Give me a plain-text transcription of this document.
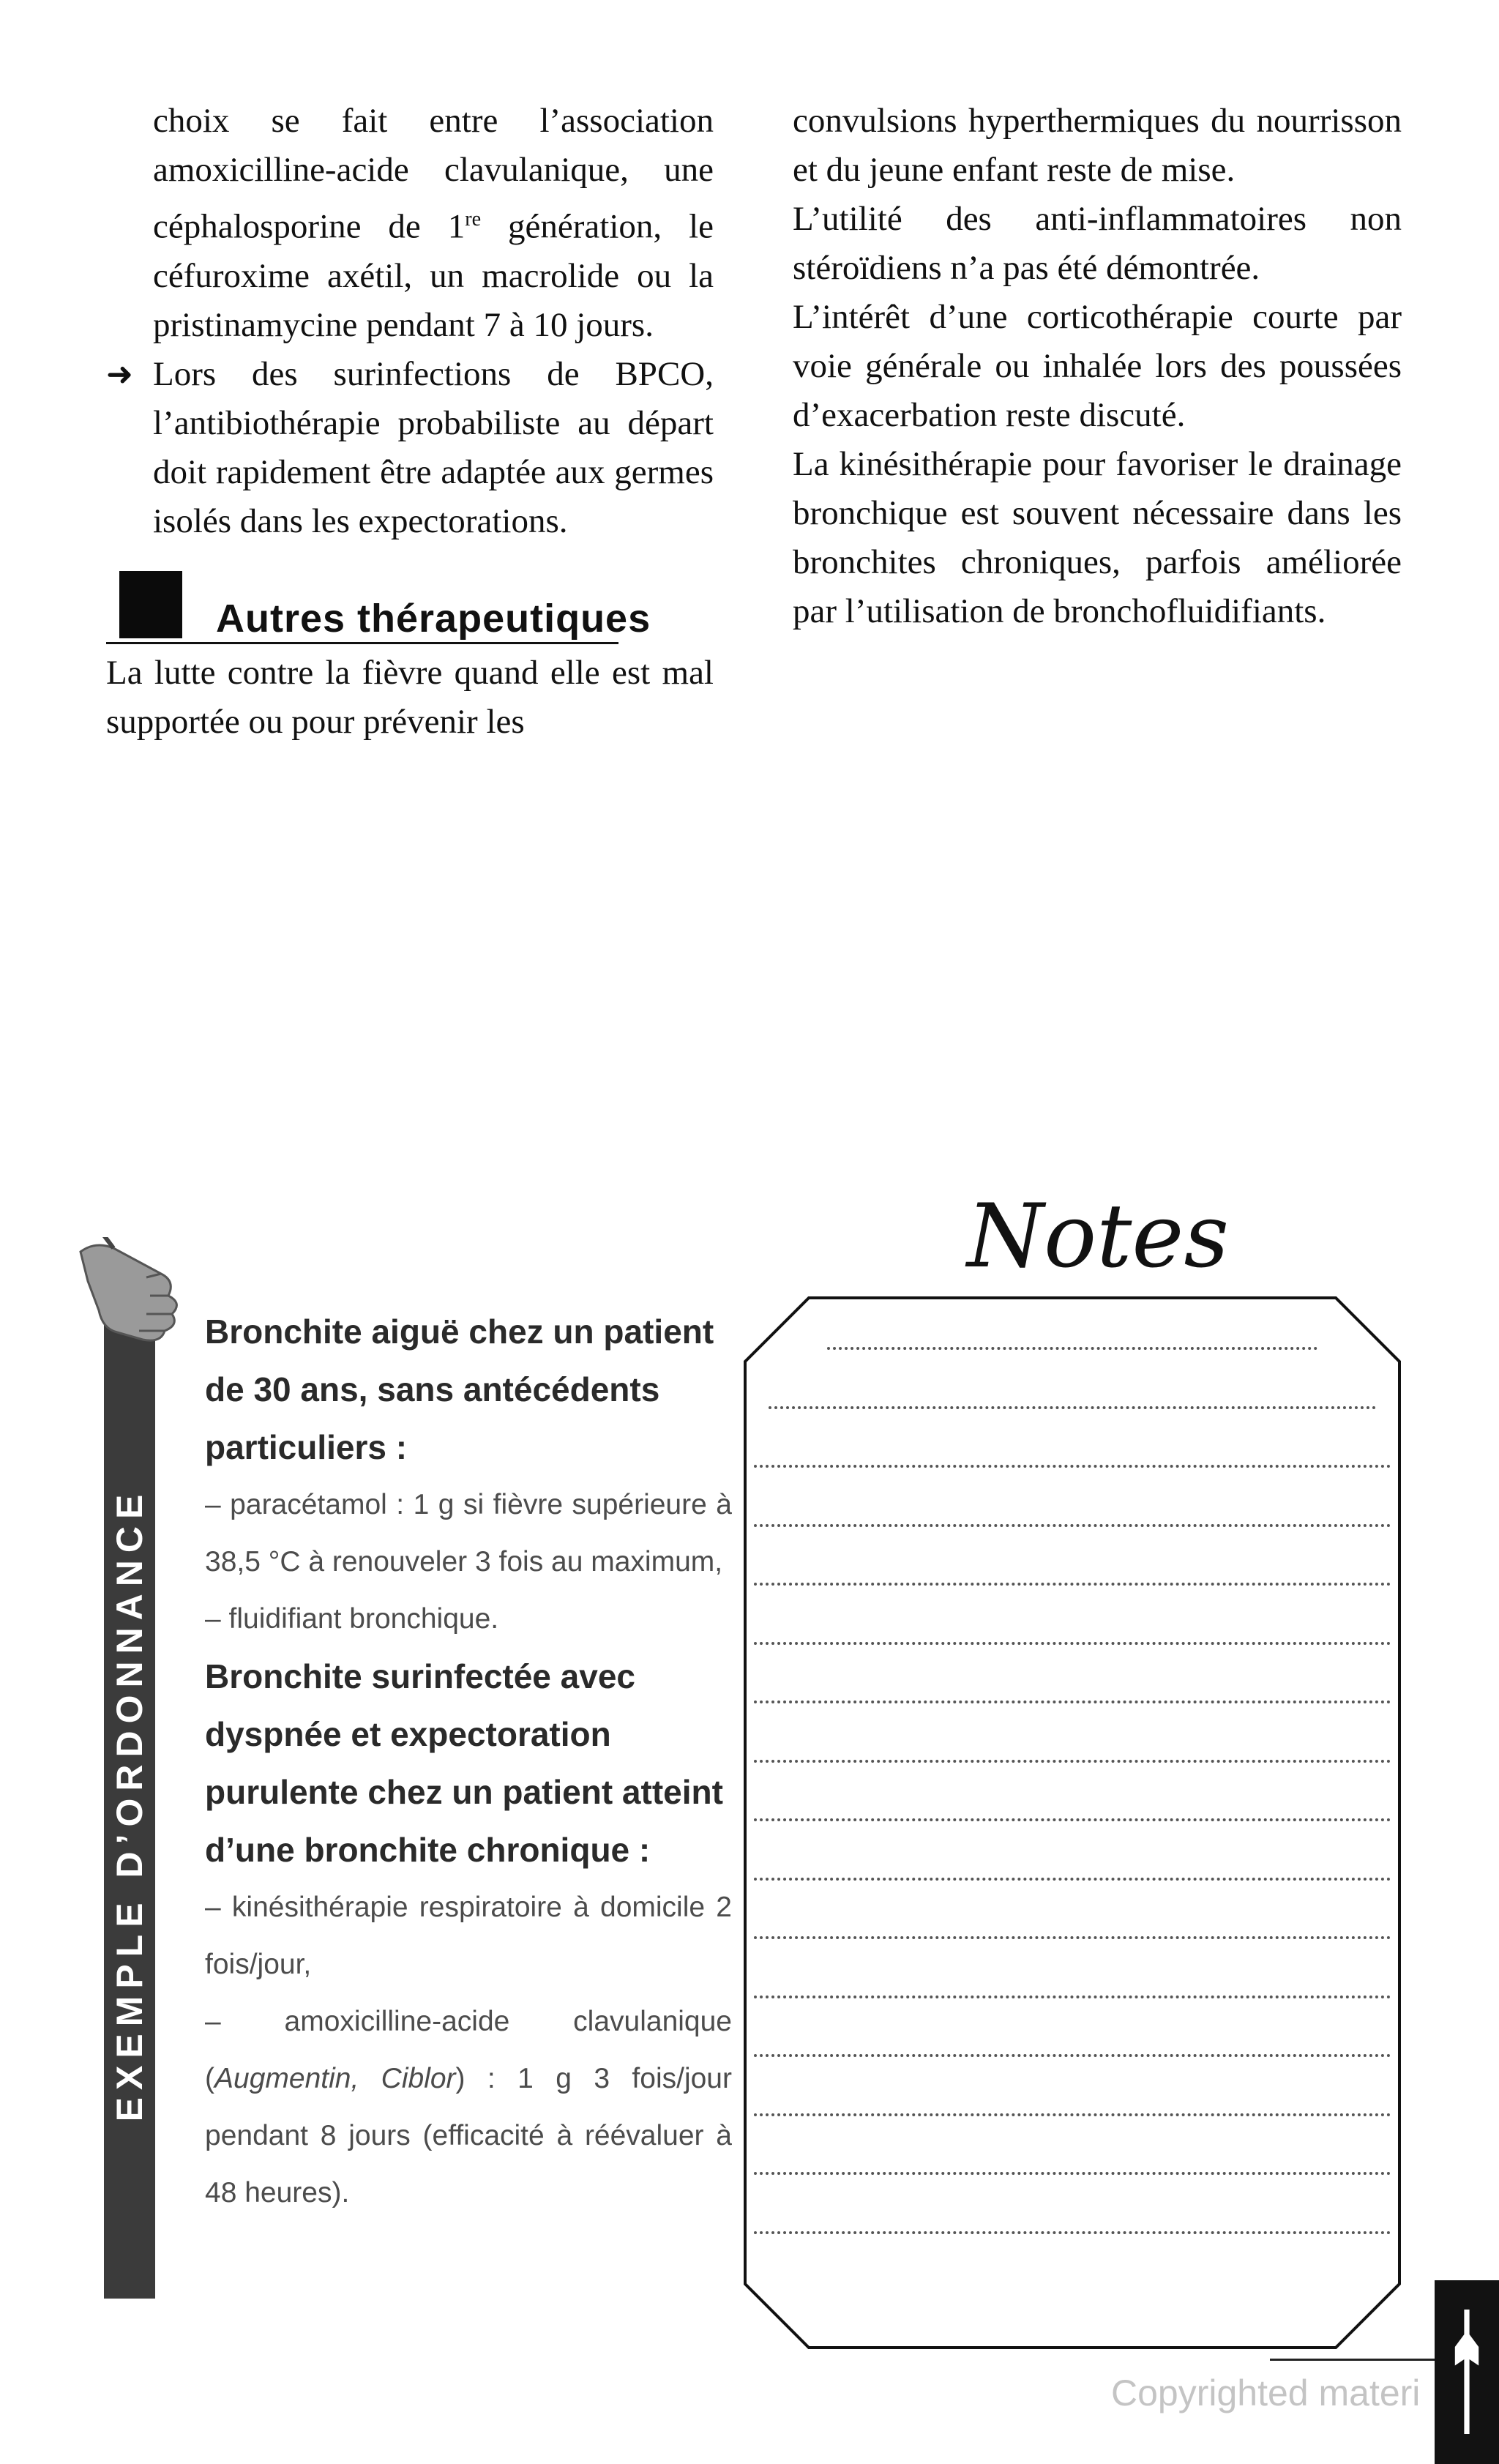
choix se fait entre l’association amoxicilline-acide clavulanique, une céphalosporine de 1re génération, le céfuroxime axétil, un macrolide ou la pristinamycine pendant 7 à 10 jours.

➜ Lors des surinfections de BPCO, l’antibiothérapie probabiliste au départ doit rapidement être adaptée aux germes isolés dans les expectorations.
Autres thérapeutiques

La lutte contre la fièvre quand elle est mal supportée ou pour prévenir les

convulsions hyperthermiques du nourrisson et du jeune enfant reste de mise.

L’utilité des anti-inflammatoires non stéroïdiens n’a pas été démontrée.

L’intérêt d’une corticothérapie courte par voie générale ou inhalée lors des poussées d’exacerbation reste discuté.

La kinésithérapie pour favoriser le drainage bronchique est souvent nécessaire dans les bronchites chroniques, parfois améliorée par l’utilisation de bronchofluidifiants.

EXEMPLE D’ORDONNANCE
Bronchite aiguë chez un patient de 30 ans, sans antécédents particuliers :
– paracétamol : 1 g si fièvre supérieure à 38,5 °C à renouveler 3 fois au maximum,
– fluidifiant bronchique.
Bronchite surinfectée avec dyspnée et expectoration purulente chez un patient atteint d’une bronchite chronique :
– kinésithérapie respiratoire à domicile 2 fois/jour,
– amoxicilline-acide clavulanique (Augmentin, Ciblor) : 1 g 3 fois/jour pendant 8 jours (efficacité à réévaluer à 48 heures).
Notes
Copyrighted materi
